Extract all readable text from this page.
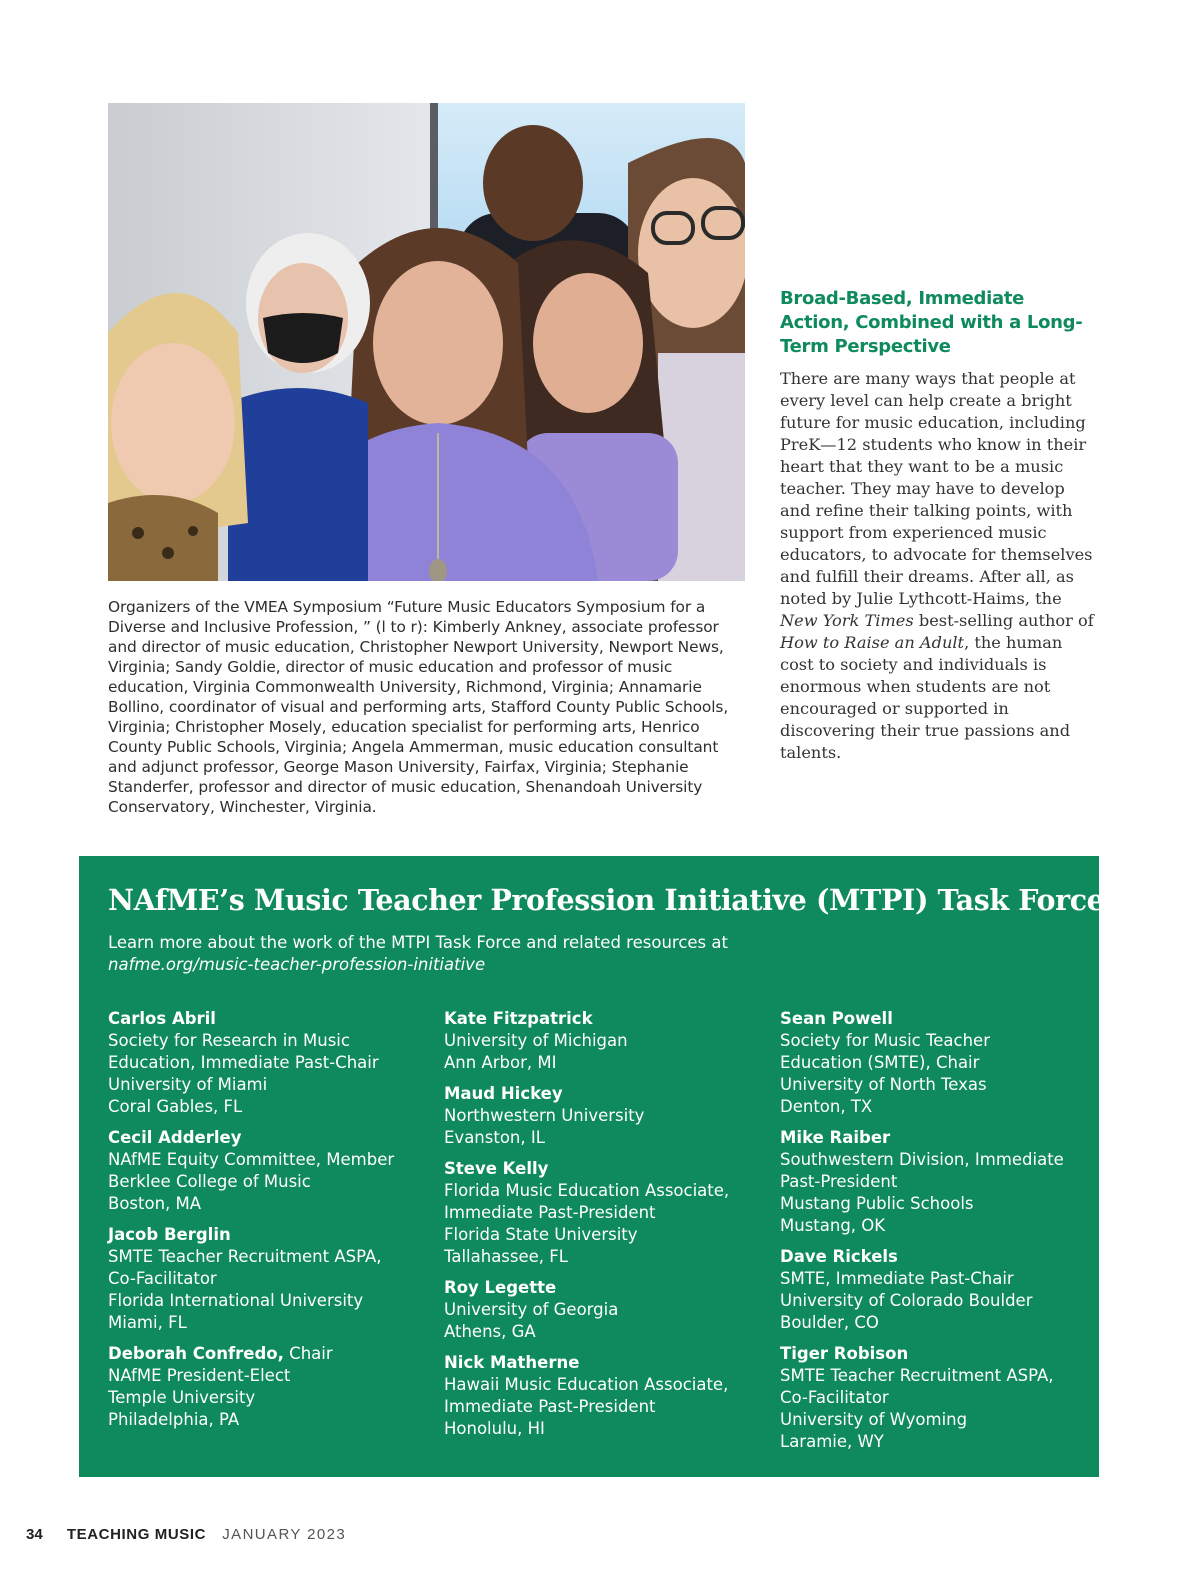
Organizers of the VMEA Symposium “Future Music Educators Symposium for a Diverse and Inclusive Profession, ” (l to r): Kimberly Ankney, associate professor and director of music education, Christopher Newport University, Newport News, Virginia; Sandy Goldie, director of music education and professor of music education, Virginia Commonwealth University, Richmond, Virginia; Annamarie Bollino, coordinator of visual and performing arts, Stafford County Public Schools, Virginia; Christopher Mosely, education specialist for performing arts, Henrico County Public Schools, Virginia; Angela Ammerman, music education consultant and adjunct professor, George Mason University, Fairfax, Virginia; Stephanie Standerfer, professor and director of music education, Shenandoah University Conservatory, Winchester, Virginia.
Broad-Based, Immediate Action, Combined with a Long-Term Perspective

There are many ways that people at every level can help create a bright future for music education, including PreK—12 students who know in their heart that they want to be a music teacher. They may have to develop and refine their talking points, with support from experienced music educators, to advocate for themselves and fulfill their dreams. After all, as noted by Julie Lythcott-Haims, the New York Times best-selling author of How to Raise an Adult, the human cost to society and individuals is enormous when students are not encouraged or supported in discovering their true passions and talents.

NAfME’s Music Teacher Profession Initiative (MTPI) Task Force
Learn more about the work of the MTPI Task Force and related resources at
nafme.org/music-teacher-profession-initiative
Carlos Abril
Society for Research in Music
Education, Immediate Past-Chair
University of Miami
Coral Gables, FL
Cecil Adderley
NAfME Equity Committee, Member
Berklee College of Music
Boston, MA
Jacob Berglin
SMTE Teacher Recruitment ASPA,
Co-Facilitator
Florida International University
Miami, FL
Deborah Confredo, Chair
NAfME President-Elect
Temple University
Philadelphia, PA
Kate Fitzpatrick
University of Michigan
Ann Arbor, MI
Maud Hickey
Northwestern University
Evanston, IL
Steve Kelly
Florida Music Education Associate,
Immediate Past-President
Florida State University
Tallahassee, FL
Roy Legette
University of Georgia
Athens, GA
Nick Matherne
Hawaii Music Education Associate,
Immediate Past-President
Honolulu, HI
Sean Powell
Society for Music Teacher
Education (SMTE), Chair
University of North Texas
Denton, TX
Mike Raiber
Southwestern Division, Immediate
Past-President
Mustang Public Schools
Mustang, OK
Dave Rickels
SMTE, Immediate Past-Chair
University of Colorado Boulder
Boulder, CO
Tiger Robison
SMTE Teacher Recruitment ASPA,
Co-Facilitator
University of Wyoming
Laramie, WY
34 TEACHING MUSIC JANUARY 2023
